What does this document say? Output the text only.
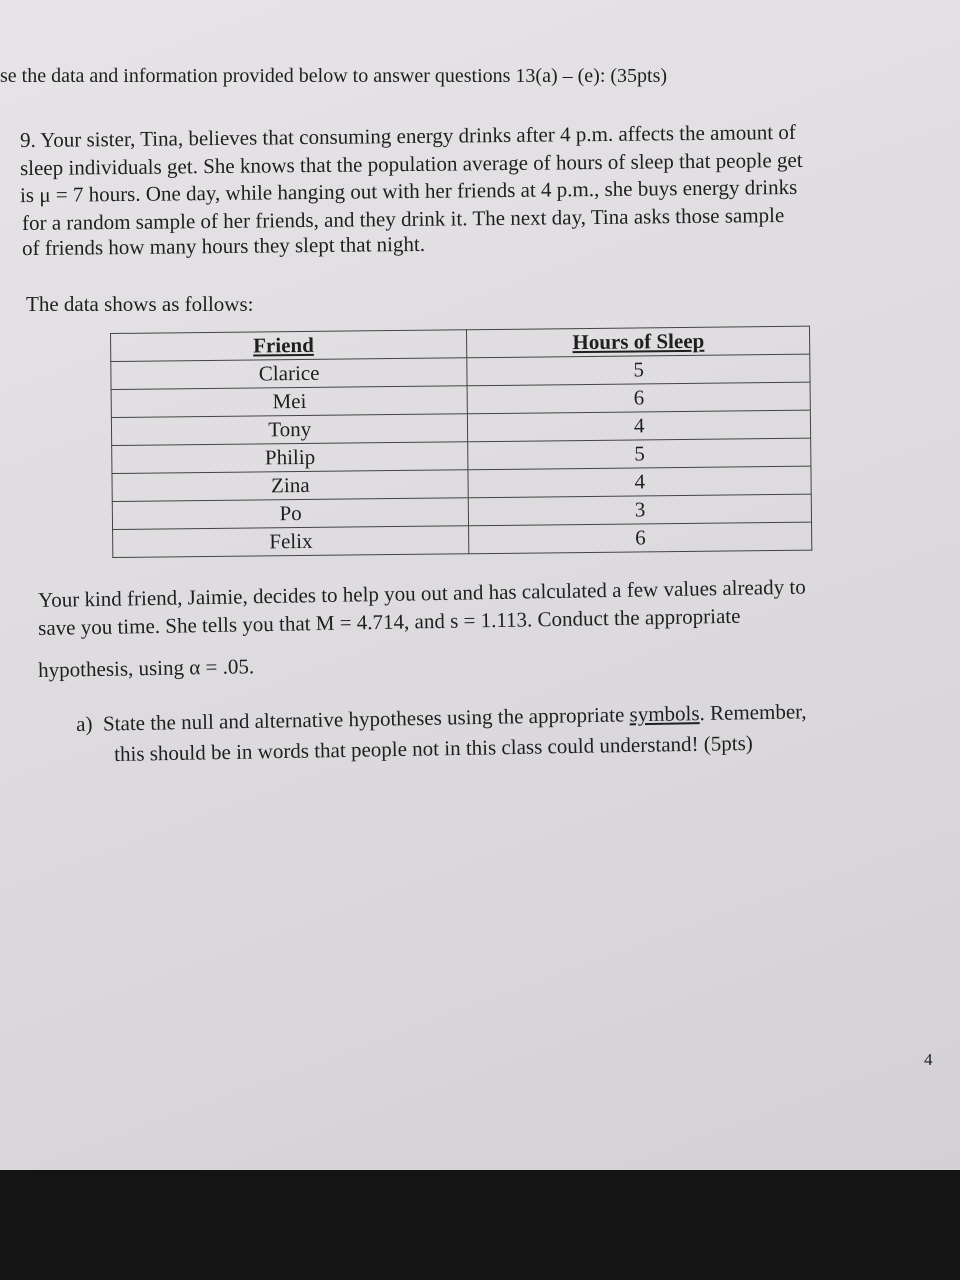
se the data and information provided below to answer questions 13(a) – (e): (35pts)
9. Your sister, Tina, believes that consuming energy drinks after 4 p.m. affects the amount of
sleep individuals get. She knows that the population average of hours of sleep that people get
is μ = 7 hours. One day, while hanging out with her friends at 4 p.m., she buys energy drinks
for a random sample of her friends, and they drink it. The next day, Tina asks those sample
of friends how many hours they slept that night.
The data shows as follows:
Friend	Hours of Sleep
Clarice	5
Mei	6
Tony	4
Philip	5
Zina	4
Po	3
Felix	6
Your kind friend, Jaimie, decides to help you out and has calculated a few values already to
save you time. She tells you that M = 4.714, and s = 1.113. Conduct the appropriate
hypothesis, using α = .05.
a) State the null and alternative hypotheses using the appropriate symbols. Remember,
this should be in words that people not in this class could understand! (5pts)
4
